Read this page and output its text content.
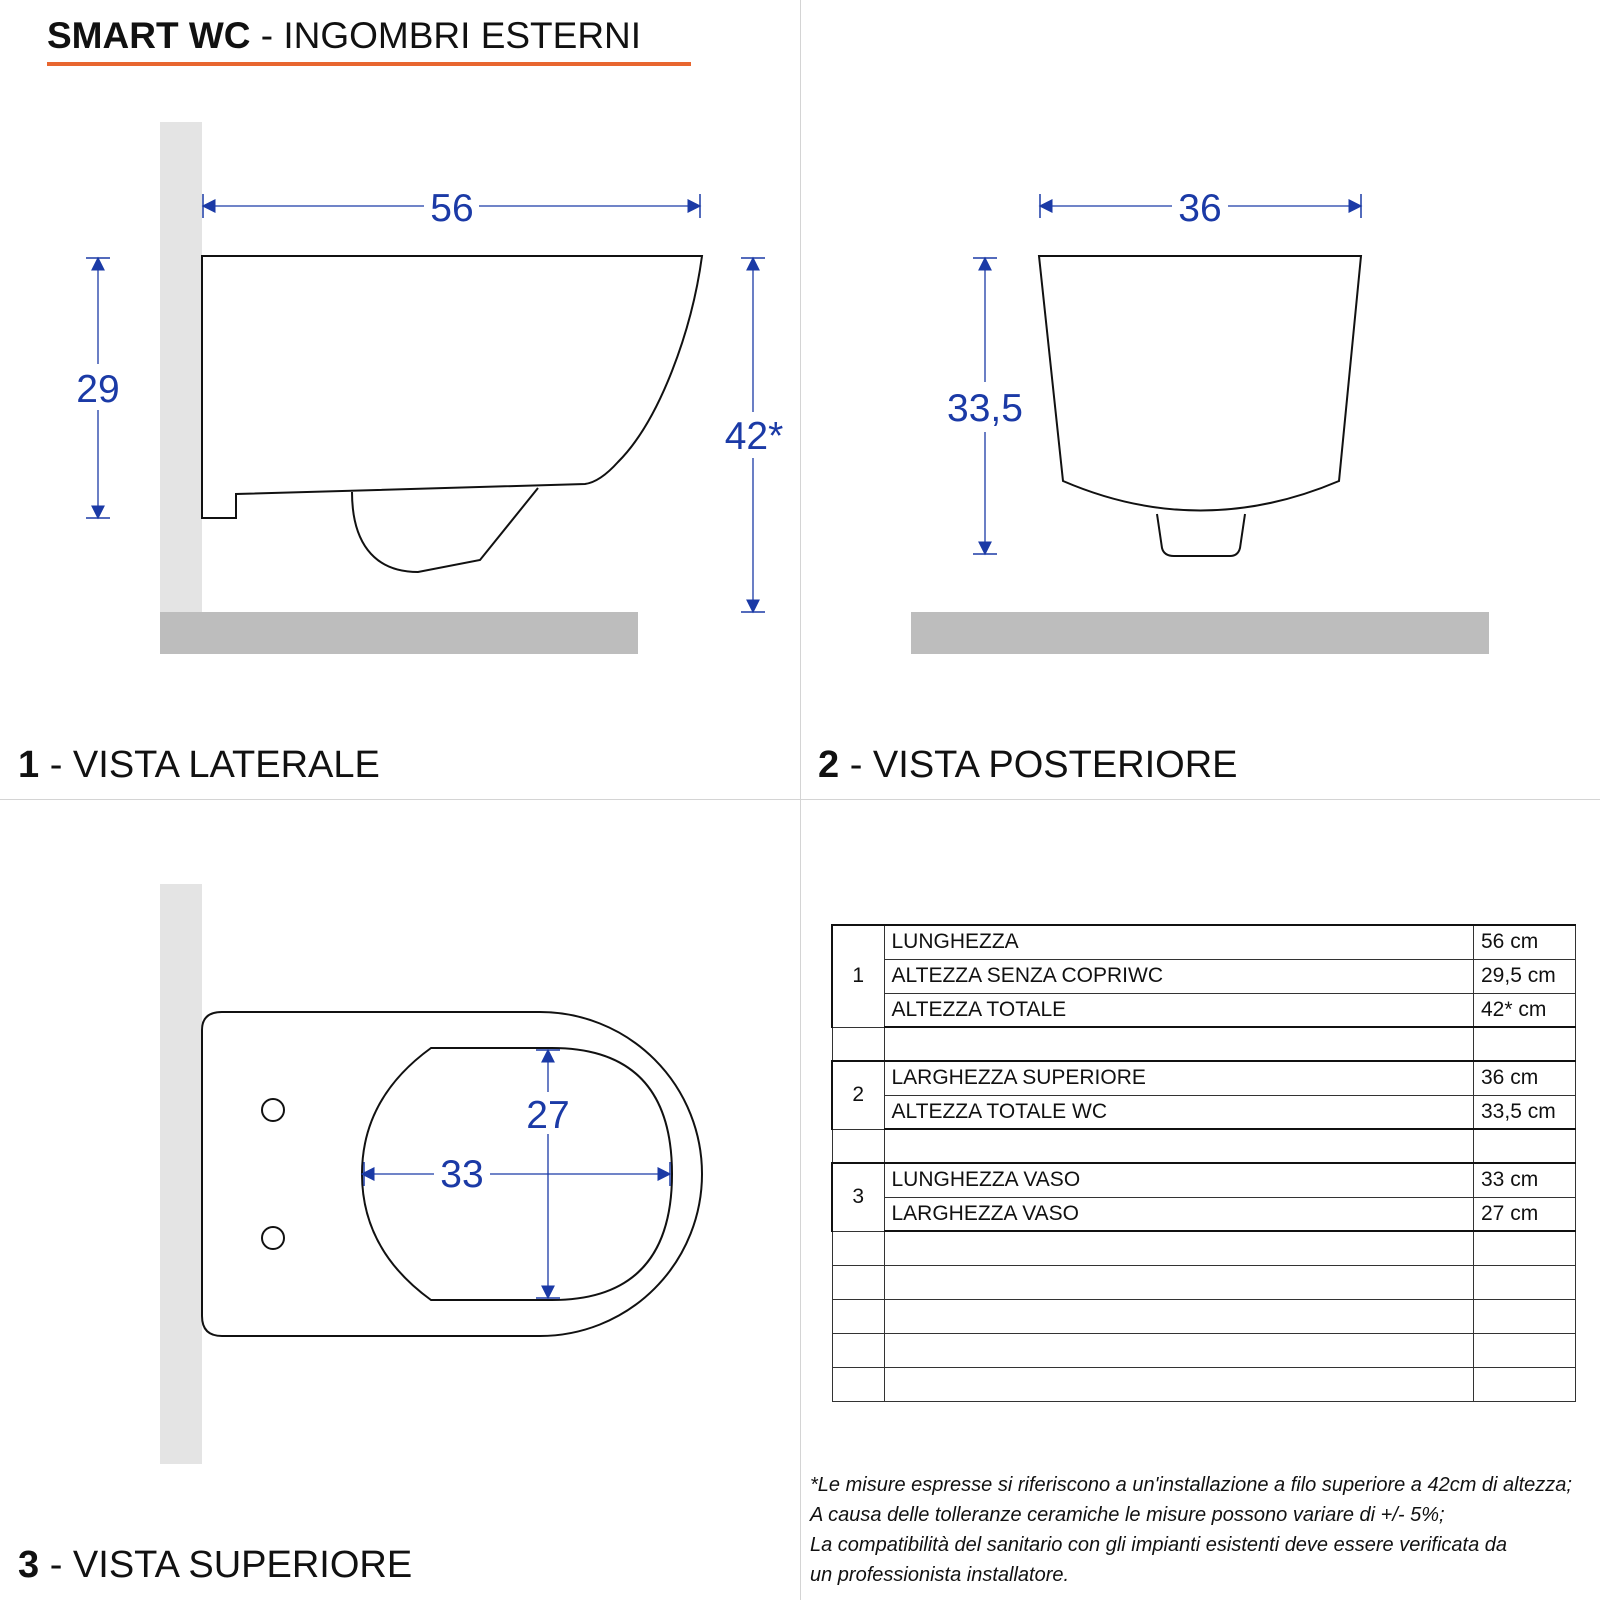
SMART WC - INGOMBRI ESTERNI
56
29
42*
36
33,5
33
27
1 - VISTA LATERALE	2 - VISTA POSTERIORE
3 - VISTA SUPERIORE
1	LUNGHEZZA	56 cm
	ALTEZZA SENZA COPRIWC	29,5 cm
	ALTEZZA TOTALE	42* cm

2	LARGHEZZA SUPERIORE	36 cm
	ALTEZZA TOTALE WC	33,5 cm

3	LUNGHEZZA VASO	33 cm
	LARGHEZZA VASO	27 cm

*Le misure espresse si riferiscono a un'installazione a filo superiore a 42cm di altezza;
A causa delle tolleranze ceramiche le misure possono variare di +/- 5%;
La compatibilità del sanitario con gli impianti esistenti deve essere verificata da
un professionista installatore.
